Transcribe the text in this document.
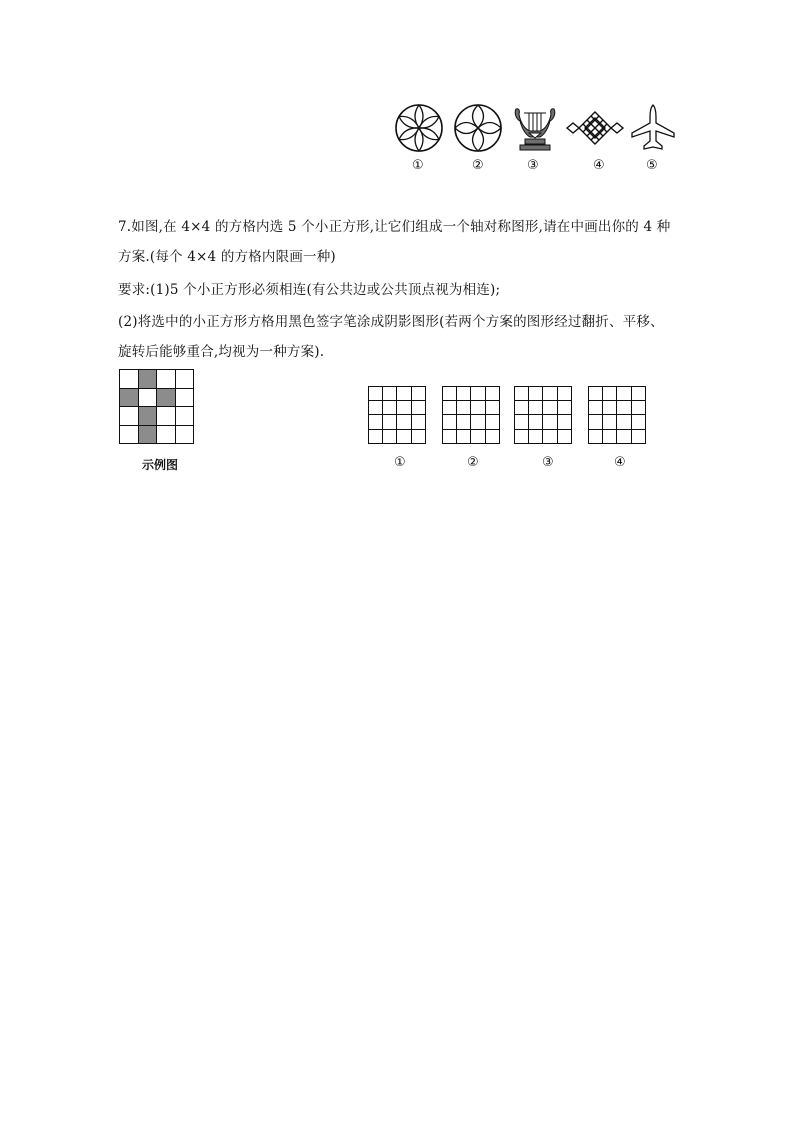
①	②	③	④	⑤
7.如图,在 4×4 的方格内选 5 个小正方形,让它们组成一个轴对称图形,请在中画出你的 4 种
方案.(每个 4×4 的方格内限画一种)
要求:(1)5 个小正方形必须相连(有公共边或公共顶点视为相连);
(2)将选中的小正方形方格用黑色签字笔涂成阴影图形(若两个方案的图形经过翻折、平移、
旋转后能够重合,均视为一种方案).
示例图	①	②	③	④
